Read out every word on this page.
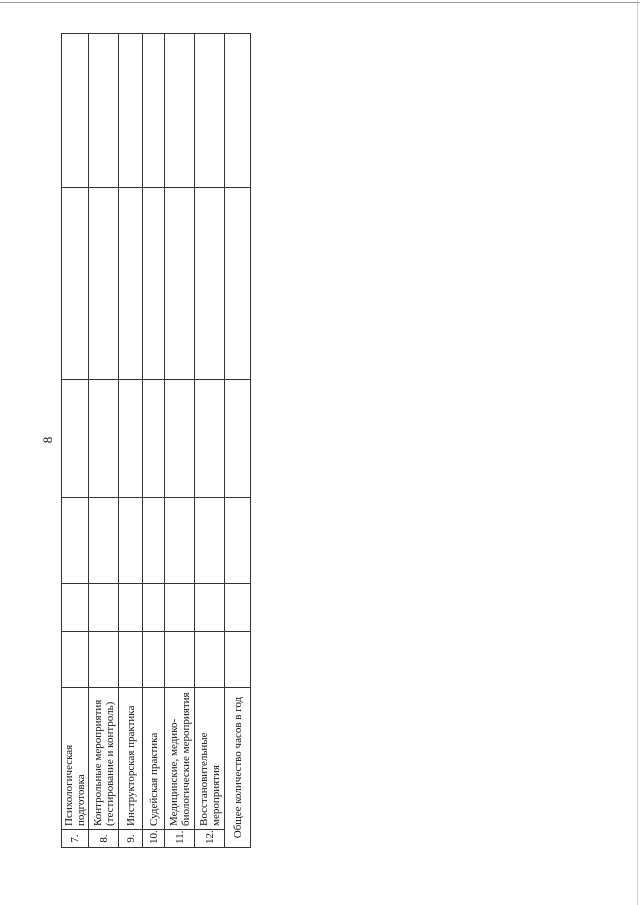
8
7.	Психологическая подготовка						
8.	Контрольные мероприятия (тестирование и контроль)						
9.	Инструкторская практика						
10.	Судейская практика						
11.	Медицинские, медико-биологические мероприятия						
12.	Восстановительные мероприятия						
Общее количество часов в год							
